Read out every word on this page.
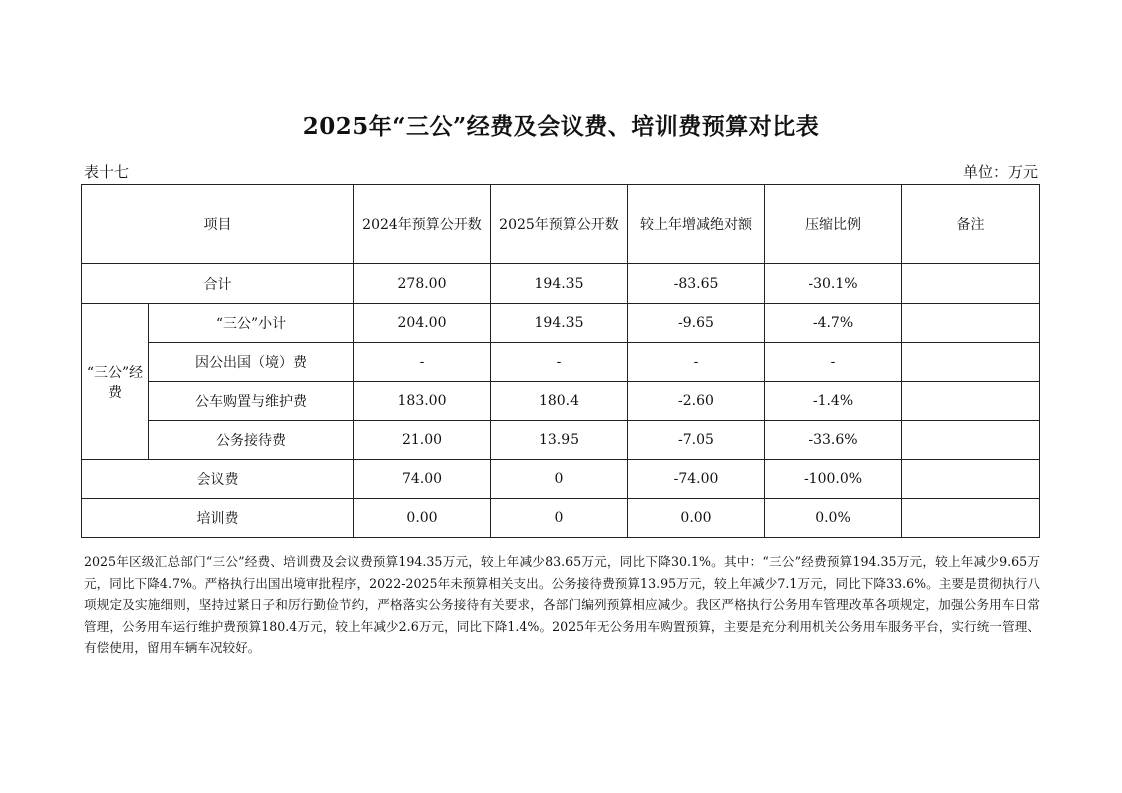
2025年“三公”经费及会议费、培训费预算对比表
表十七	单位：万元
项目		2024年预算公开数	2025年预算公开数	较上年增减绝对额	压缩比例	备注
合计		278.00	194.35	-83.65	-30.1%	
“三公”经费	“三公”小计	204.00	194.35	-9.65	-4.7%	
	因公出国（境）费	-	-	-	-	
	公车购置与维护费	183.00	180.4	-2.60	-1.4%	
	公务接待费	21.00	13.95	-7.05	-33.6%	
会议费		74.00	0	-74.00	-100.0%	
培训费		0.00	0	0.00	0.0%	
2025年区级汇总部门“三公”经费、培训费及会议费预算194.35万元，较上年减少83.65万元，同比下降30.1%。其中：“三公”经费预算194.35万元，较上年减少9.65万元，同比下降4.7%。严格执行出国出境审批程序，2022-2025年未预算相关支出。公务接待费预算13.95万元，较上年减少7.1万元，同比下降33.6%。主要是贯彻执行八项规定及实施细则，坚持过紧日子和厉行勤俭节约，严格落实公务接待有关要求，各部门编列预算相应减少。我区严格执行公务用车管理改革各项规定，加强公务用车日常管理，公务用车运行维护费预算180.4万元，较上年减少2.6万元，同比下降1.4%。2025年无公务用车购置预算，主要是充分利用机关公务用车服务平台，实行统一管理、有偿使用，留用车辆车况较好。
